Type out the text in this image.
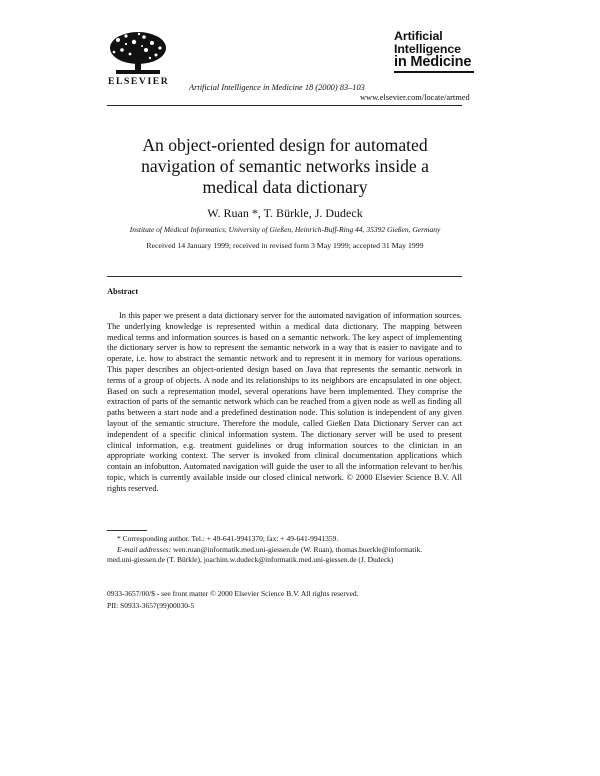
ELSEVIER
Artificial Intelligence in Medicine 18 (2000) 83–103
Artificial
Intelligence
in Medicine
www.elsevier.com/locate/artmed
An object-oriented design for automated
navigation of semantic networks inside a
medical data dictionary
W. Ruan *, T. Bürkle, J. Dudeck
Institute of Medical Informatics, University of Gießen, Heinrich-Buff-Ring 44, 35392 Gießen, Germany
Received 14 January 1999; received in revised form 3 May 1999; accepted 31 May 1999
Abstract

In this paper we present a data dictionary server for the automated navigation of information sources. The underlying knowledge is represented within a medical data dictionary. The mapping between medical terms and information sources is based on a semantic network. The key aspect of implementing the dictionary server is how to represent the semantic network in a way that is easier to navigate and to operate, i.e. how to abstract the semantic network and to represent it in memory for various operations. This paper describes an object-oriented design based on Java that represents the semantic network in terms of a group of objects. A node and its relationships to its neighbors are encapsulated in one object. Based on such a representation model, several operations have been implemented. They comprise the extraction of parts of the semantic network which can be reached from a given node as well as finding all paths between a start node and a predefined destination node. This solution is independent of any given layout of the semantic structure. Therefore the module, called Gießen Data Dictionary Server can act independent of a specific clinical information system. The dictionary server will be used to present clinical information, e.g. treatment guidelines or drug information sources to the clinician in an appropriate working context. The server is invoked from clinical documentation applications which contain an infobutton. Automated navigation will guide the user to all the information relevant to her/his topic, which is currently available inside our closed clinical network. © 2000 Elsevier Science B.V. All rights reserved.

* Corresponding author. Tel.: + 49-641-9941370; fax: + 49-641-9941359.

E-mail addresses: wen.ruan@informatik.med.uni-giessen.de (W. Ruan), thomas.buerkle@informatik.

med.uni-giessen.de (T. Bürkle), joachim.w.dudeck@informatik.med.uni-giessen.de (J. Dudeck)

0933-3657/00/$ - see front matter © 2000 Elsevier Science B.V. All rights reserved.
PII: S0933-3657(99)00030-5
